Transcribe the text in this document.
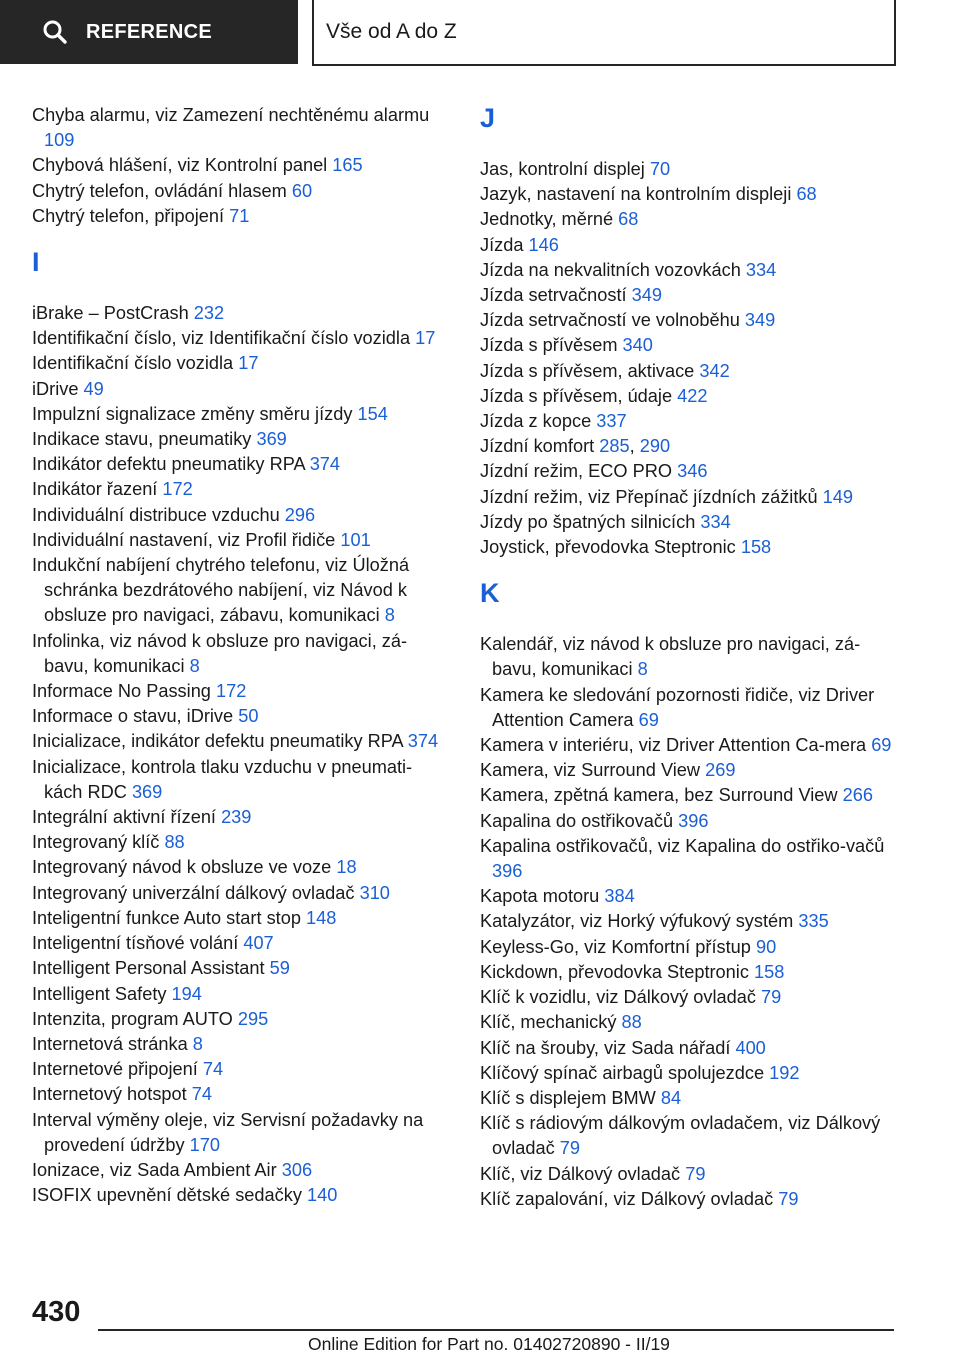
REFERENCE	Vše od A do Z
Chyba alarmu, viz Zamezení nechtěnému alarmu 109
Chybová hlášení, viz Kontrolní panel 165
Chytrý telefon, ovládání hlasem 60
Chytrý telefon, připojení 71
I
iBrake – PostCrash 232
Identifikační číslo, viz Identifikační číslo vozidla 17
Identifikační číslo vozidla 17
iDrive 49
Impulzní signalizace změny směru jízdy 154
Indikace stavu, pneumatiky 369
Indikátor defektu pneumatiky RPA 374
Indikátor řazení 172
Individuální distribuce vzduchu 296
Individuální nastavení, viz Profil řidiče 101
Indukční nabíjení chytrého telefonu, viz Úložná schránka bezdrátového nabíjení, viz Návod k obsluze pro navigaci, zábavu, komunikaci 8
Infolinka, viz návod k obsluze pro navigaci, zá-bavu, komunikaci 8
Informace No Passing 172
Informace o stavu, iDrive 50
Inicializace, indikátor defektu pneumatiky RPA 374
Inicializace, kontrola tlaku vzduchu v pneumati-kách RDC 369
Integrální aktivní řízení 239
Integrovaný klíč 88
Integrovaný návod k obsluze ve voze 18
Integrovaný univerzální dálkový ovladač 310
Inteligentní funkce Auto start stop 148
Inteligentní tísňové volání 407
Intelligent Personal Assistant 59
Intelligent Safety 194
Intenzita, program AUTO 295
Internetová stránka 8
Internetové připojení 74
Internetový hotspot 74
Interval výměny oleje, viz Servisní požadavky na provedení údržby 170
Ionizace, viz Sada Ambient Air 306
ISOFIX upevnění dětské sedačky 140
J
Jas, kontrolní displej 70
Jazyk, nastavení na kontrolním displeji 68
Jednotky, měrné 68
Jízda 146
Jízda na nekvalitních vozovkách 334
Jízda setrvačností 349
Jízda setrvačností ve volnoběhu 349
Jízda s přívěsem 340
Jízda s přívěsem, aktivace 342
Jízda s přívěsem, údaje 422
Jízda z kopce 337
Jízdní komfort 285, 290
Jízdní režim, ECO PRO 346
Jízdní režim, viz Přepínač jízdních zážitků 149
Jízdy po špatných silnicích 334
Joystick, převodovka Steptronic 158
K
Kalendář, viz návod k obsluze pro navigaci, zá-bavu, komunikaci 8
Kamera ke sledování pozornosti řidiče, viz Driver Attention Camera 69
Kamera v interiéru, viz Driver Attention Ca-mera 69
Kamera, viz Surround View 269
Kamera, zpětná kamera, bez Surround View 266
Kapalina do ostřikovačů 396
Kapalina ostřikovačů, viz Kapalina do ostřiko-vačů 396
Kapota motoru 384
Katalyzátor, viz Horký výfukový systém 335
Keyless-Go, viz Komfortní přístup 90
Kickdown, převodovka Steptronic 158
Klíč k vozidlu, viz Dálkový ovladač 79
Klíč, mechanický 88
Klíč na šrouby, viz Sada nářadí 400
Klíčový spínač airbagů spolujezdce 192
Klíč s displejem BMW 84
Klíč s rádiovým dálkovým ovladačem, viz Dálkový ovladač 79
Klíč, viz Dálkový ovladač 79
Klíč zapalování, viz Dálkový ovladač 79
430
Online Edition for Part no. 01402720890 - II/19
